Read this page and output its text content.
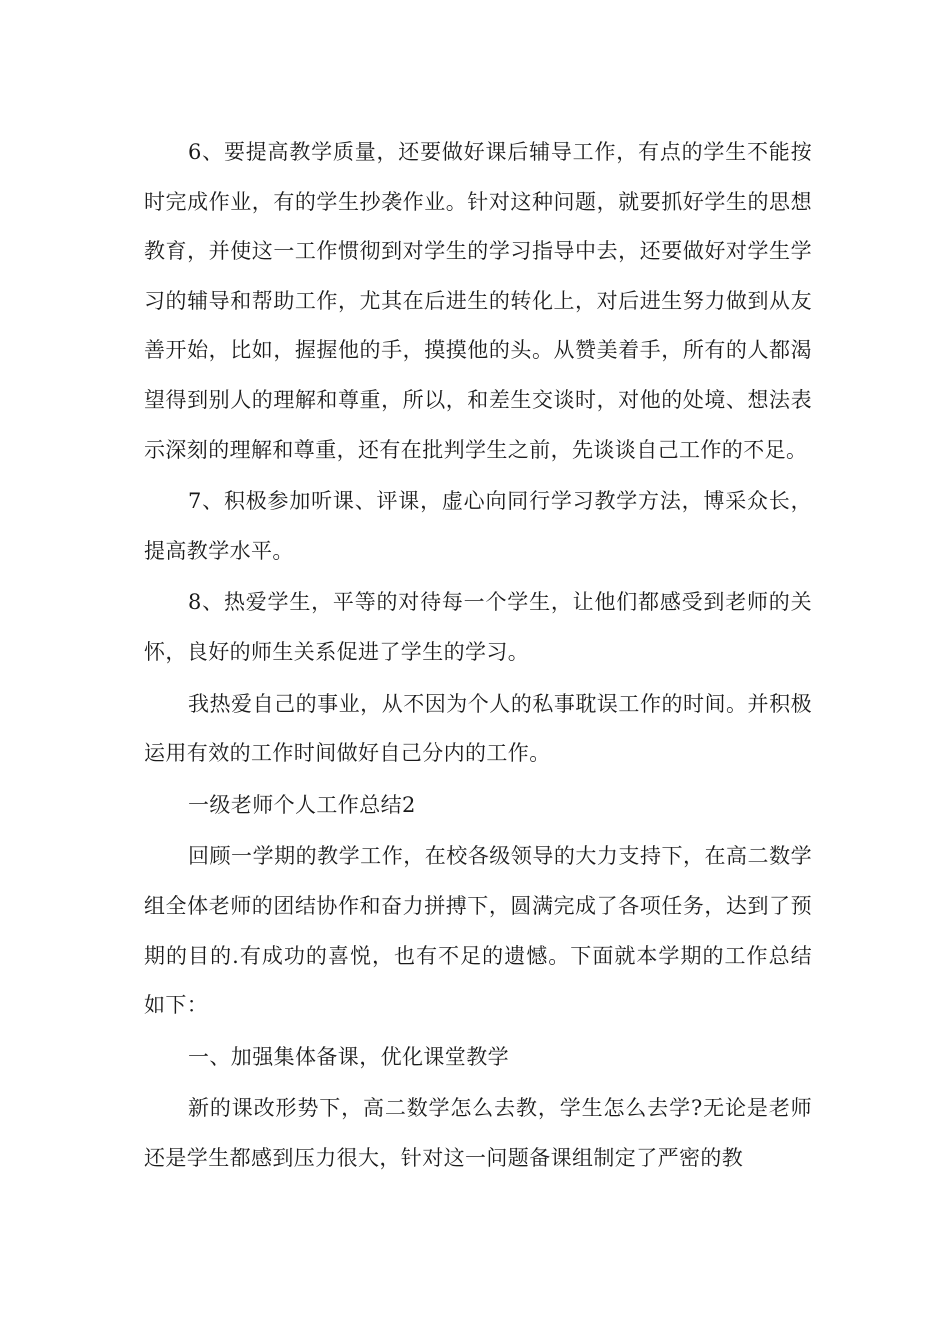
6、要提高教学质量，还要做好课后辅导工作，有点的学生不能按时完成作业，有的学生抄袭作业。针对这种问题，就要抓好学生的思想教育，并使这一工作惯彻到对学生的学习指导中去，还要做好对学生学习的辅导和帮助工作，尤其在后进生的转化上，对后进生努力做到从友善开始，比如，握握他的手，摸摸他的头。从赞美着手，所有的人都渴望得到别人的理解和尊重，所以，和差生交谈时，对他的处境、想法表示深刻的理解和尊重，还有在批判学生之前，先谈谈自己工作的不足。

7、积极参加听课、评课，虚心向同行学习教学方法，博采众长，提高教学水平。

8、热爱学生，平等的对待每一个学生，让他们都感受到老师的关怀，良好的师生关系促进了学生的学习。

我热爱自己的事业，从不因为个人的私事耽误工作的时间。并积极运用有效的工作时间做好自己分内的工作。

一级老师个人工作总结2

回顾一学期的教学工作，在校各级领导的大力支持下，在高二数学组全体老师的团结协作和奋力拼搏下，圆满完成了各项任务，达到了预期的目的.有成功的喜悦，也有不足的遗憾。下面就本学期的工作总结如下：

一、加强集体备课，优化课堂教学

新的课改形势下，高二数学怎么去教，学生怎么去学?无论是老师还是学生都感到压力很大，针对这一问题备课组制定了严密的教
